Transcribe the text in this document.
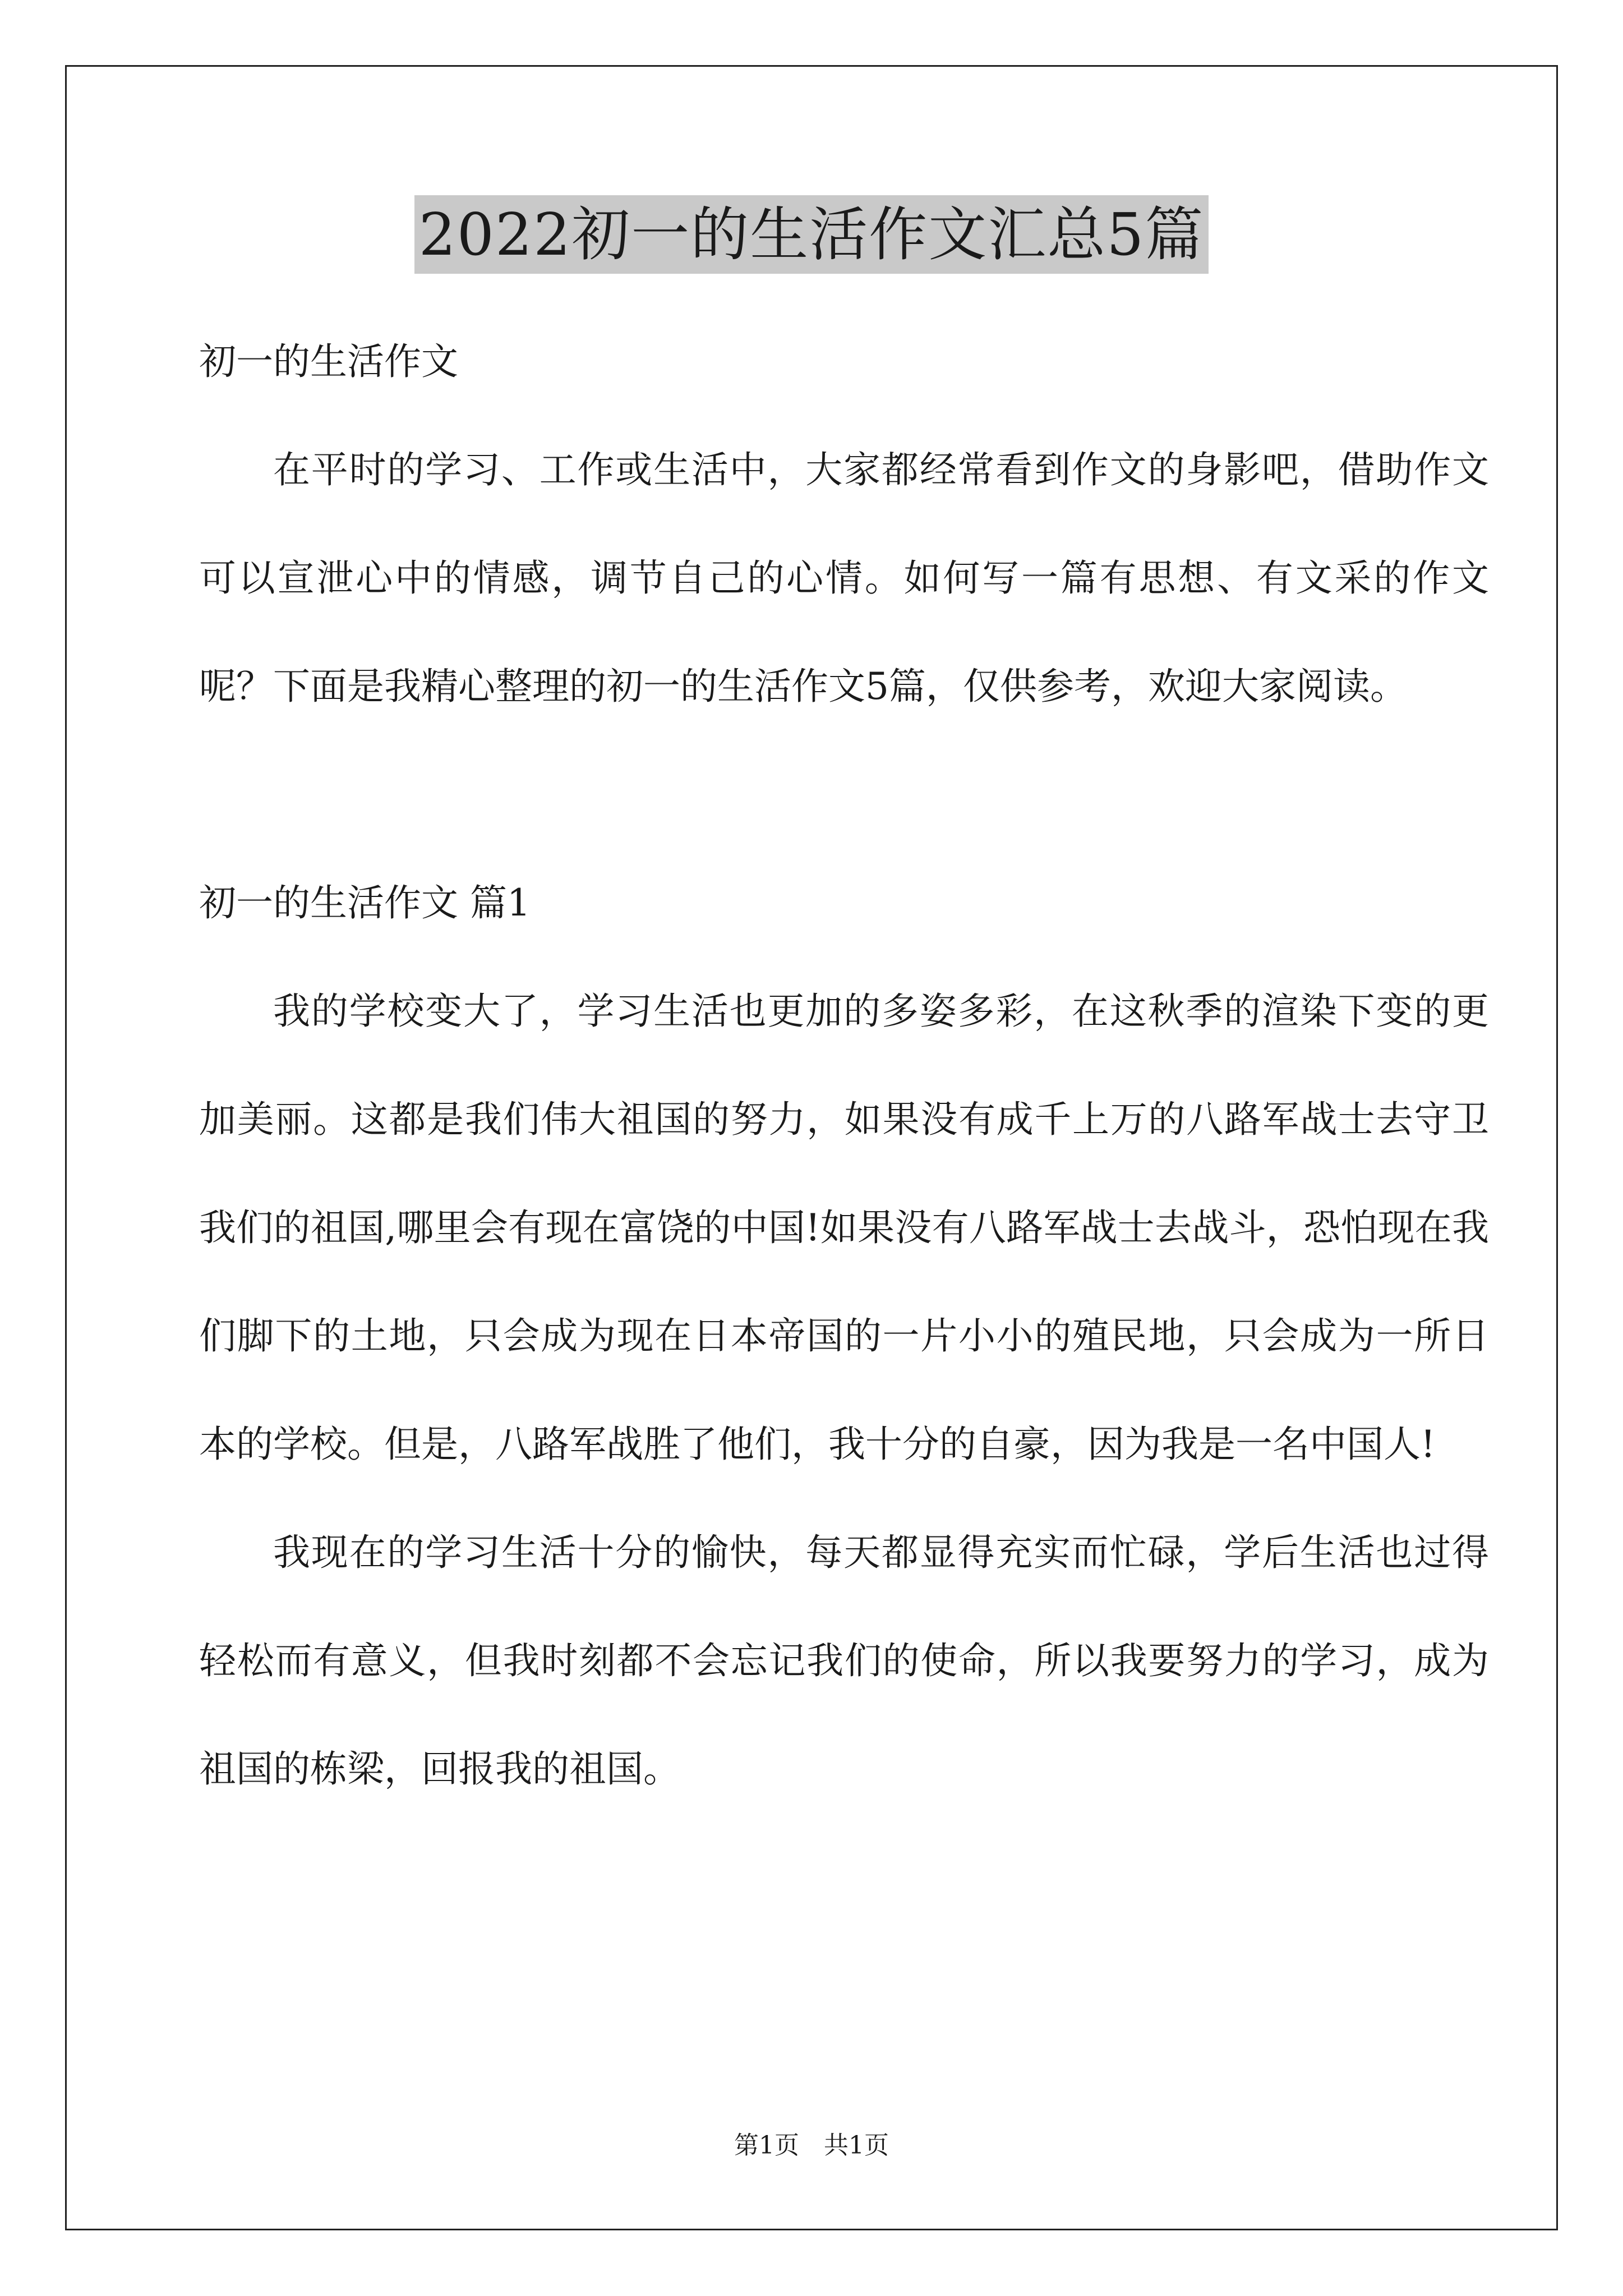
2022初一的生活作文汇总5篇

初一的生活作文

在平时的学习、工作或生活中，大家都经常看到作文的身影吧，借助作文可以宣泄心中的情感，调节自己的心情。如何写一篇有思想、有文采的作文呢？下面是我精心整理的初一的生活作文5篇，仅供参考，欢迎大家阅读。

初一的生活作文 篇1

我的学校变大了，学习生活也更加的多姿多彩，在这秋季的渲染下变的更加美丽。这都是我们伟大祖国的努力，如果没有成千上万的八路军战士去守卫我们的祖国,哪里会有现在富饶的中国!如果没有八路军战士去战斗，恐怕现在我们脚下的土地，只会成为现在日本帝国的一片小小的殖民地，只会成为一所日本的学校。但是，八路军战胜了他们，我十分的自豪，因为我是一名中国人!

我现在的学习生活十分的愉快，每天都显得充实而忙碌，学后生活也过得轻松而有意义，但我时刻都不会忘记我们的使命，所以我要努力的学习，成为祖国的栋梁，回报我的祖国。

第1页　共1页
